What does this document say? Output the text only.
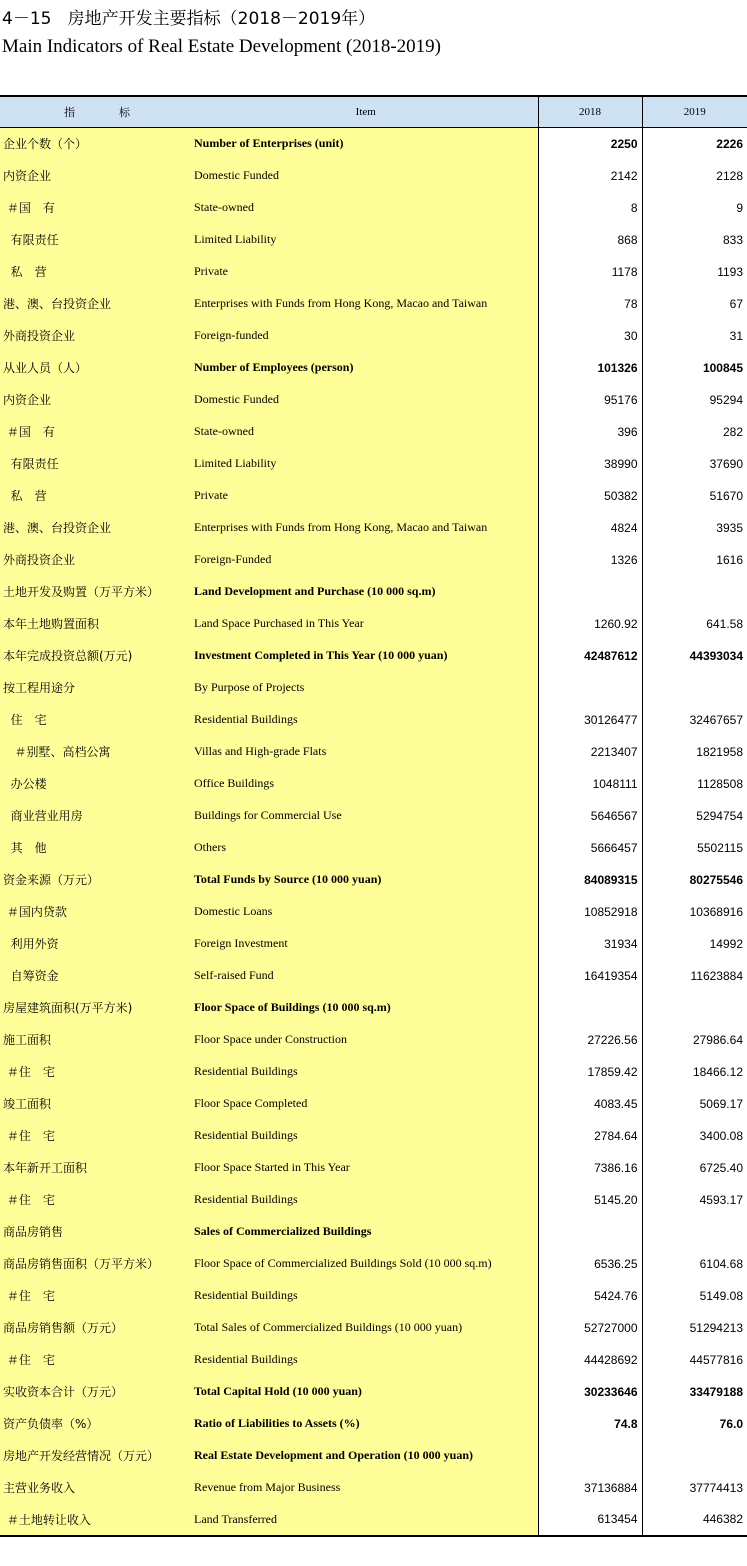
4－15   房地产开发主要指标（2018－2019年）
Main Indicators of Real Estate Development (2018-2019)
指　　　　标	Item	2018	2019
企业个数（个）	Number of Enterprises (unit)	2250	2226
内资企业	Domestic Funded	2142	2128
＃国　有	State-owned	8	9
有限责任	Limited Liability	868	833
私　营	Private	1178	1193
港、澳、台投资企业	Enterprises with Funds from Hong Kong, Macao and Taiwan	78	67
外商投资企业	Foreign-funded	30	31
从业人员（人）	Number of Employees (person)	101326	100845
内资企业	Domestic Funded	95176	95294
＃国　有	State-owned	396	282
有限责任	Limited Liability	38990	37690
私　营	Private	50382	51670
港、澳、台投资企业	Enterprises with Funds from Hong Kong, Macao and Taiwan	4824	3935
外商投资企业	Foreign-Funded	1326	1616
土地开发及购置（万平方米）	Land Development and Purchase (10 000 sq.m)		
本年土地购置面积	Land Space Purchased in This Year	1260.92	641.58
本年完成投资总额(万元)	Investment Completed in This Year (10 000 yuan)	42487612	44393034
按工程用途分	By Purpose of Projects		
住　宅	Residential Buildings	30126477	32467657
＃别墅、高档公寓	Villas and High-grade Flats	2213407	1821958
办公楼	Office Buildings	1048111	1128508
商业营业用房	Buildings for Commercial Use	5646567	5294754
其　他	Others	5666457	5502115
资金来源（万元）	Total Funds by Source (10 000 yuan)	84089315	80275546
＃国内贷款	Domestic Loans	10852918	10368916
利用外资	Foreign Investment	31934	14992
自筹资金	Self-raised Fund	16419354	11623884
房屋建筑面积(万平方米)	Floor Space of Buildings (10 000 sq.m)		
施工面积	Floor Space under Construction	27226.56	27986.64
＃住　宅	Residential Buildings	17859.42	18466.12
竣工面积	Floor Space Completed	4083.45	5069.17
＃住　宅	Residential Buildings	2784.64	3400.08
本年新开工面积	Floor Space Started in This Year	7386.16	6725.40
＃住　宅	Residential Buildings	5145.20	4593.17
商品房销售	Sales of Commercialized Buildings		
商品房销售面积（万平方米）	Floor Space of Commercialized Buildings Sold (10 000 sq.m)	6536.25	6104.68
＃住　宅	Residential Buildings	5424.76	5149.08
商品房销售额（万元）	Total Sales of Commercialized Buildings (10 000 yuan)	52727000	51294213
＃住　宅	Residential Buildings	44428692	44577816
实收资本合计（万元）	Total Capital Hold (10 000 yuan)	30233646	33479188
资产负债率（%）	Ratio of Liabilities to Assets (%)	74.8	76.0
房地产开发经营情况（万元）	Real Estate Development and Operation (10 000 yuan)		
主营业务收入	Revenue from Major Business	37136884	37774413
＃土地转让收入	Land Transferred	613454	446382
